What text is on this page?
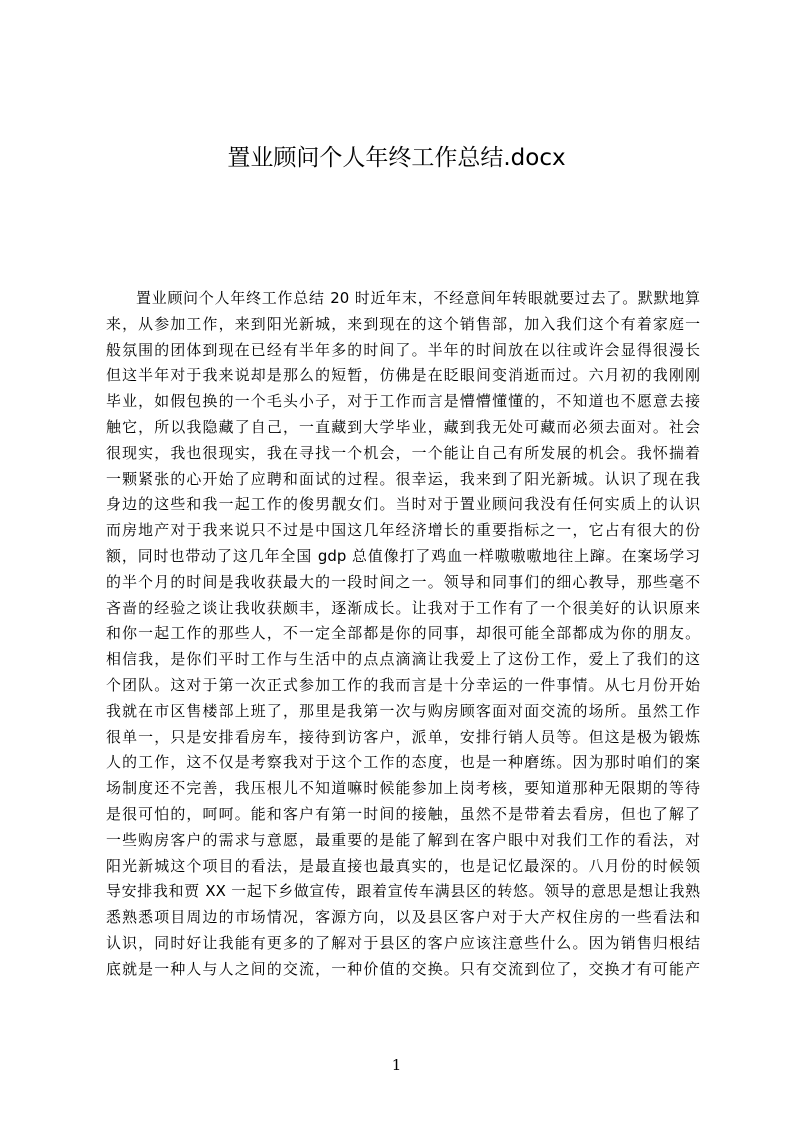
置业顾问个人年终工作总结.docx
置业顾问个人年终工作总结 20 时近年末，不经意间年转眼就要过去了。默默地算
来，从参加工作，来到阳光新城，来到现在的这个销售部，加入我们这个有着家庭一
般氛围的团体到现在已经有半年多的时间了。半年的时间放在以往或许会显得很漫长
但这半年对于我来说却是那么的短暂，仿佛是在眨眼间变消逝而过。六月初的我刚刚
毕业，如假包换的一个毛头小子，对于工作而言是懵懵懂懂的，不知道也不愿意去接
触它，所以我隐藏了自己，一直藏到大学毕业，藏到我无处可藏而必须去面对。社会
很现实，我也很现实，我在寻找一个机会，一个能让自己有所发展的机会。我怀揣着
一颗紧张的心开始了应聘和面试的过程。很幸运，我来到了阳光新城。认识了现在我
身边的这些和我一起工作的俊男靓女们。当时对于置业顾问我没有任何实质上的认识
而房地产对于我来说只不过是中国这几年经济增长的重要指标之一，它占有很大的份
额，同时也带动了这几年全国 gdp 总值像打了鸡血一样嗷嗷嗷地往上蹿。在案场学习
的半个月的时间是我收获最大的一段时间之一。领导和同事们的细心教导，那些毫不
吝啬的经验之谈让我收获颇丰，逐渐成长。让我对于工作有了一个很美好的认识原来
和你一起工作的那些人，不一定全部都是你的同事，却很可能全部都成为你的朋友。
相信我，是你们平时工作与生活中的点点滴滴让我爱上了这份工作，爱上了我们的这
个团队。这对于第一次正式参加工作的我而言是十分幸运的一件事情。从七月份开始
我就在市区售楼部上班了，那里是我第一次与购房顾客面对面交流的场所。虽然工作
很单一，只是安排看房车，接待到访客户，派单，安排行销人员等。但这是极为锻炼
人的工作，这不仅是考察我对于这个工作的态度，也是一种磨练。因为那时咱们的案
场制度还不完善，我压根儿不知道嘛时候能参加上岗考核，要知道那种无限期的等待
是很可怕的，呵呵。能和客户有第一时间的接触，虽然不是带着去看房，但也了解了
一些购房客户的需求与意愿，最重要的是能了解到在客户眼中对我们工作的看法，对
阳光新城这个项目的看法，是最直接也最真实的，也是记忆最深的。八月份的时候领
导安排我和贾 XX 一起下乡做宣传，跟着宣传车满县区的转悠。领导的意思是想让我熟
悉熟悉项目周边的市场情况，客源方向，以及县区客户对于大产权住房的一些看法和
认识，同时好让我能有更多的了解对于县区的客户应该注意些什么。因为销售归根结
底就是一种人与人之间的交流，一种价值的交换。只有交流到位了，交换才有可能产
1
